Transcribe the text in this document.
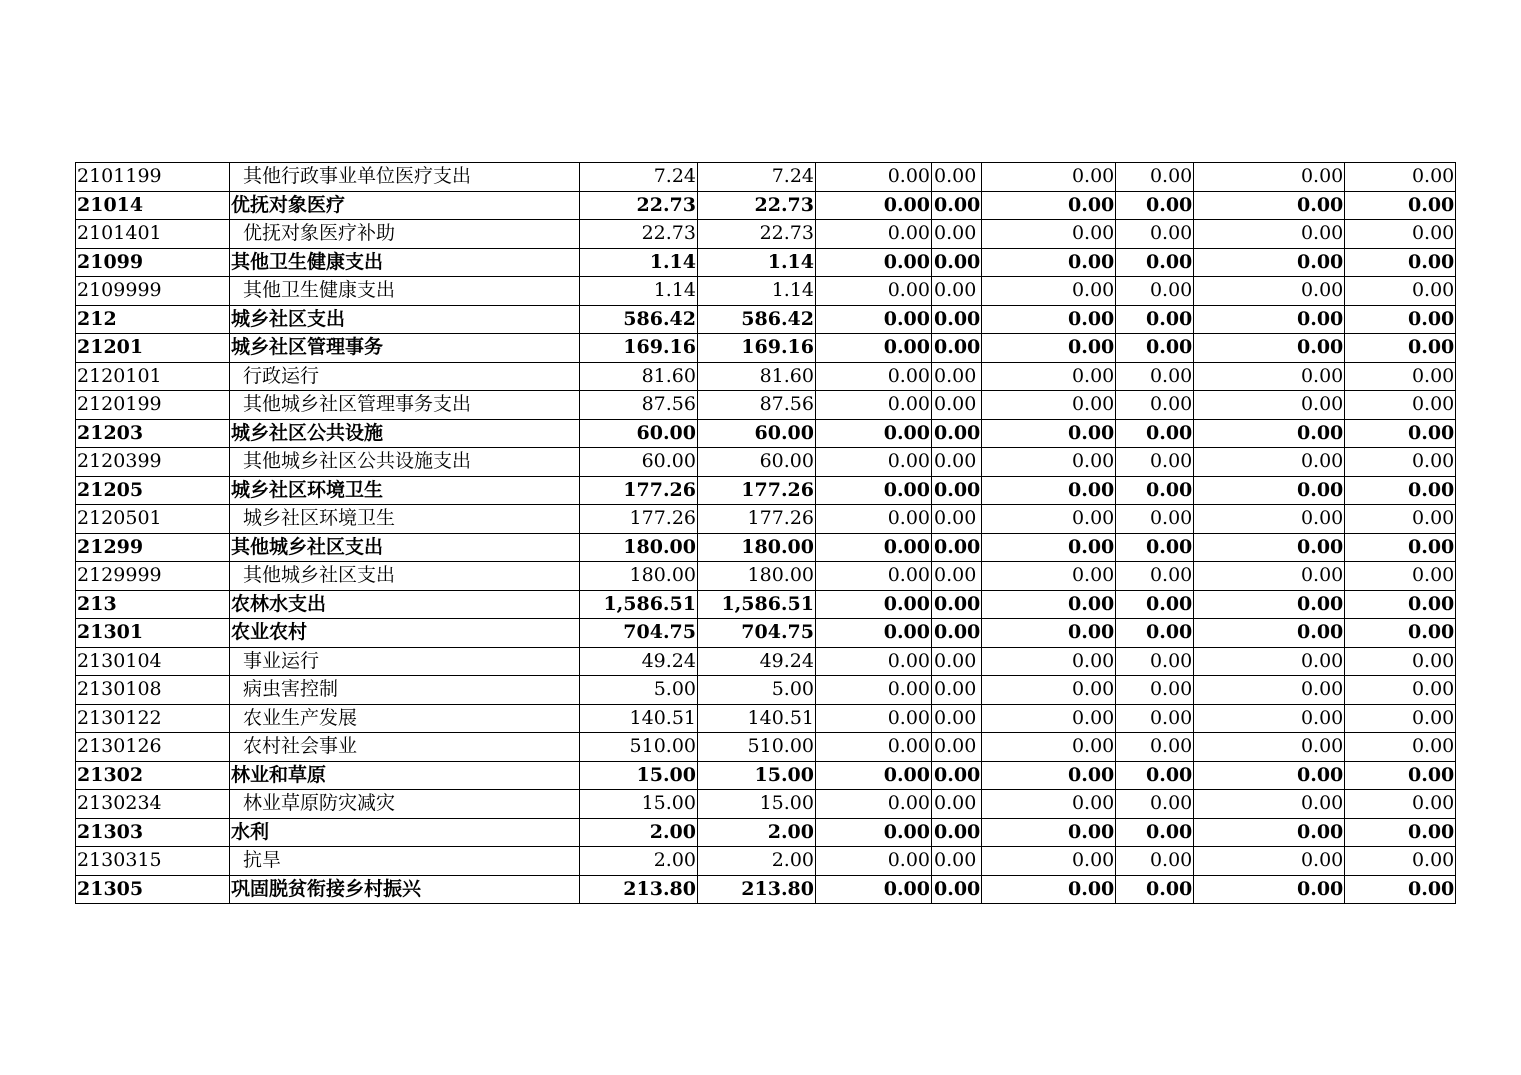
2101199	其他行政事业单位医疗支出	7.24	7.24	0.00	0.00	0.00	0.00	0.00	0.00
21014	优抚对象医疗	22.73	22.73	0.00	0.00	0.00	0.00	0.00	0.00
2101401	优抚对象医疗补助	22.73	22.73	0.00	0.00	0.00	0.00	0.00	0.00
21099	其他卫生健康支出	1.14	1.14	0.00	0.00	0.00	0.00	0.00	0.00
2109999	其他卫生健康支出	1.14	1.14	0.00	0.00	0.00	0.00	0.00	0.00
212	城乡社区支出	586.42	586.42	0.00	0.00	0.00	0.00	0.00	0.00
21201	城乡社区管理事务	169.16	169.16	0.00	0.00	0.00	0.00	0.00	0.00
2120101	行政运行	81.60	81.60	0.00	0.00	0.00	0.00	0.00	0.00
2120199	其他城乡社区管理事务支出	87.56	87.56	0.00	0.00	0.00	0.00	0.00	0.00
21203	城乡社区公共设施	60.00	60.00	0.00	0.00	0.00	0.00	0.00	0.00
2120399	其他城乡社区公共设施支出	60.00	60.00	0.00	0.00	0.00	0.00	0.00	0.00
21205	城乡社区环境卫生	177.26	177.26	0.00	0.00	0.00	0.00	0.00	0.00
2120501	城乡社区环境卫生	177.26	177.26	0.00	0.00	0.00	0.00	0.00	0.00
21299	其他城乡社区支出	180.00	180.00	0.00	0.00	0.00	0.00	0.00	0.00
2129999	其他城乡社区支出	180.00	180.00	0.00	0.00	0.00	0.00	0.00	0.00
213	农林水支出	1,586.51	1,586.51	0.00	0.00	0.00	0.00	0.00	0.00
21301	农业农村	704.75	704.75	0.00	0.00	0.00	0.00	0.00	0.00
2130104	事业运行	49.24	49.24	0.00	0.00	0.00	0.00	0.00	0.00
2130108	病虫害控制	5.00	5.00	0.00	0.00	0.00	0.00	0.00	0.00
2130122	农业生产发展	140.51	140.51	0.00	0.00	0.00	0.00	0.00	0.00
2130126	农村社会事业	510.00	510.00	0.00	0.00	0.00	0.00	0.00	0.00
21302	林业和草原	15.00	15.00	0.00	0.00	0.00	0.00	0.00	0.00
2130234	林业草原防灾减灾	15.00	15.00	0.00	0.00	0.00	0.00	0.00	0.00
21303	水利	2.00	2.00	0.00	0.00	0.00	0.00	0.00	0.00
2130315	抗旱	2.00	2.00	0.00	0.00	0.00	0.00	0.00	0.00
21305	巩固脱贫衔接乡村振兴	213.80	213.80	0.00	0.00	0.00	0.00	0.00	0.00
